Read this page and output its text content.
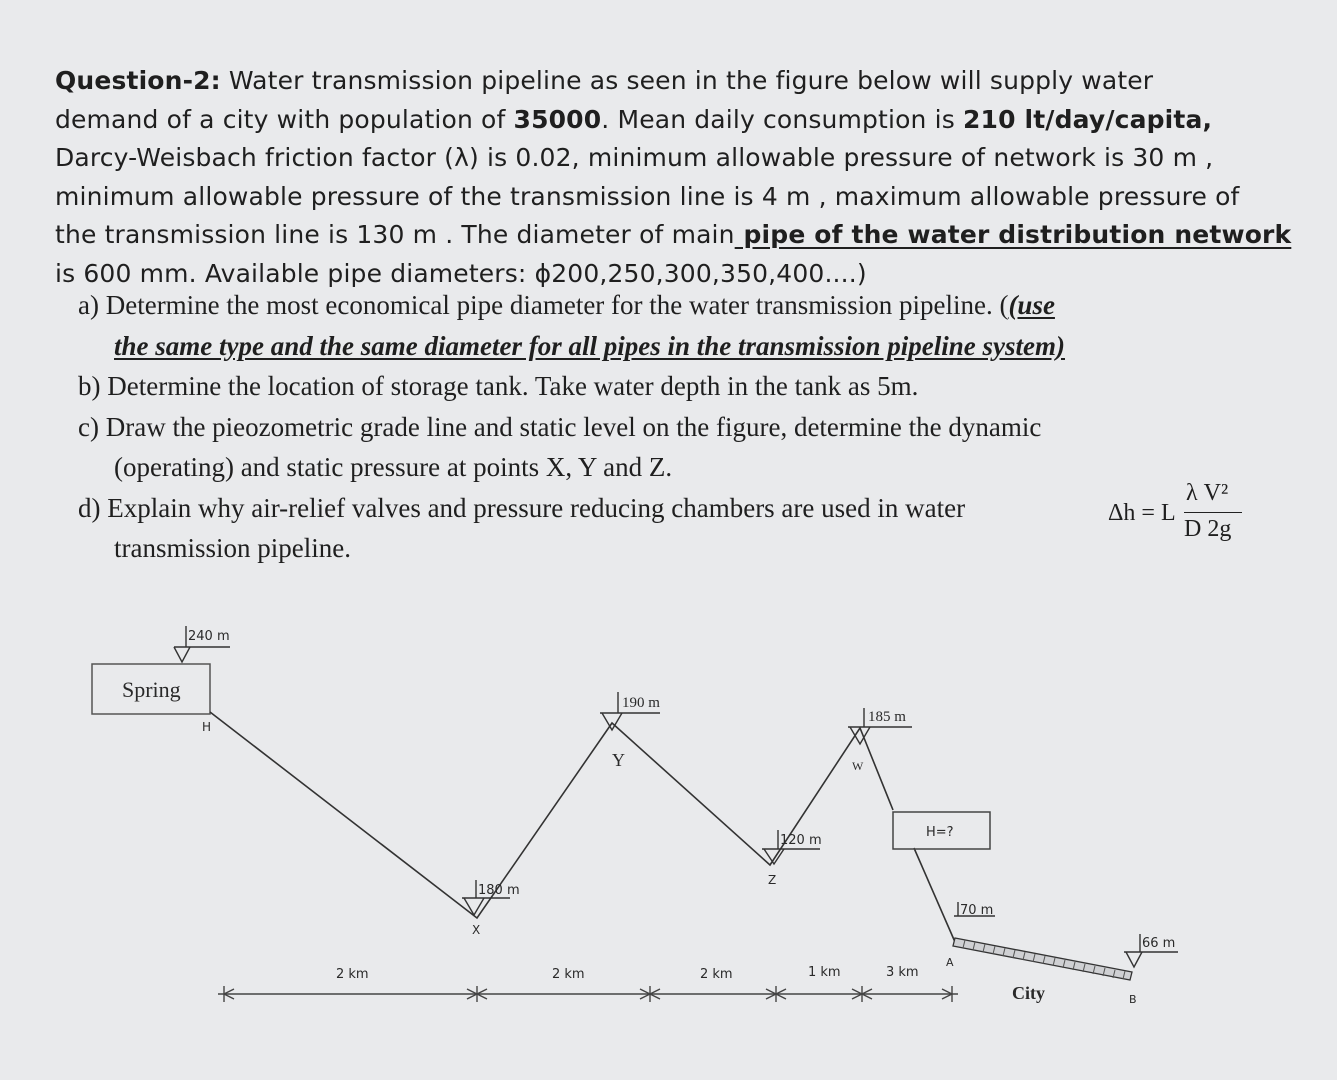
Question-2: Water transmission pipeline as seen in the figure below will supply water
demand of a city with population of 35000. Mean daily consumption is 210 lt/day/capita,
Darcy-Weisbach friction factor (λ) is 0.02, minimum allowable pressure of network is 30 m ,
minimum allowable pressure of the transmission line is 4 m , maximum allowable pressure of
the transmission line is 130 m . The diameter of main pipe of the water distribution network
is 600 mm. Available pipe diameters: ϕ200,250,300,350,400....)
a) Determine the most economical pipe diameter for the water transmission pipeline. ((use
the same type and the same diameter for all pipes in the transmission pipeline system)
b) Determine the location of storage tank. Take water depth in the tank as 5m.
c) Draw the pieozometric grade line and static level on the figure, determine the dynamic
(operating) and static pressure at points X, Y and Z.
d) Explain why air-relief valves and pressure reducing chambers are used in water
transmission pipeline.
Δh = L
λ V²
D 2g
Spring
240 m
H
H=?
180 m
X
190 m
Y
120 m
Z
185 m
W
70 m
A
66 m
B
City
2 km	2 km	2 km	1 km	3 km
